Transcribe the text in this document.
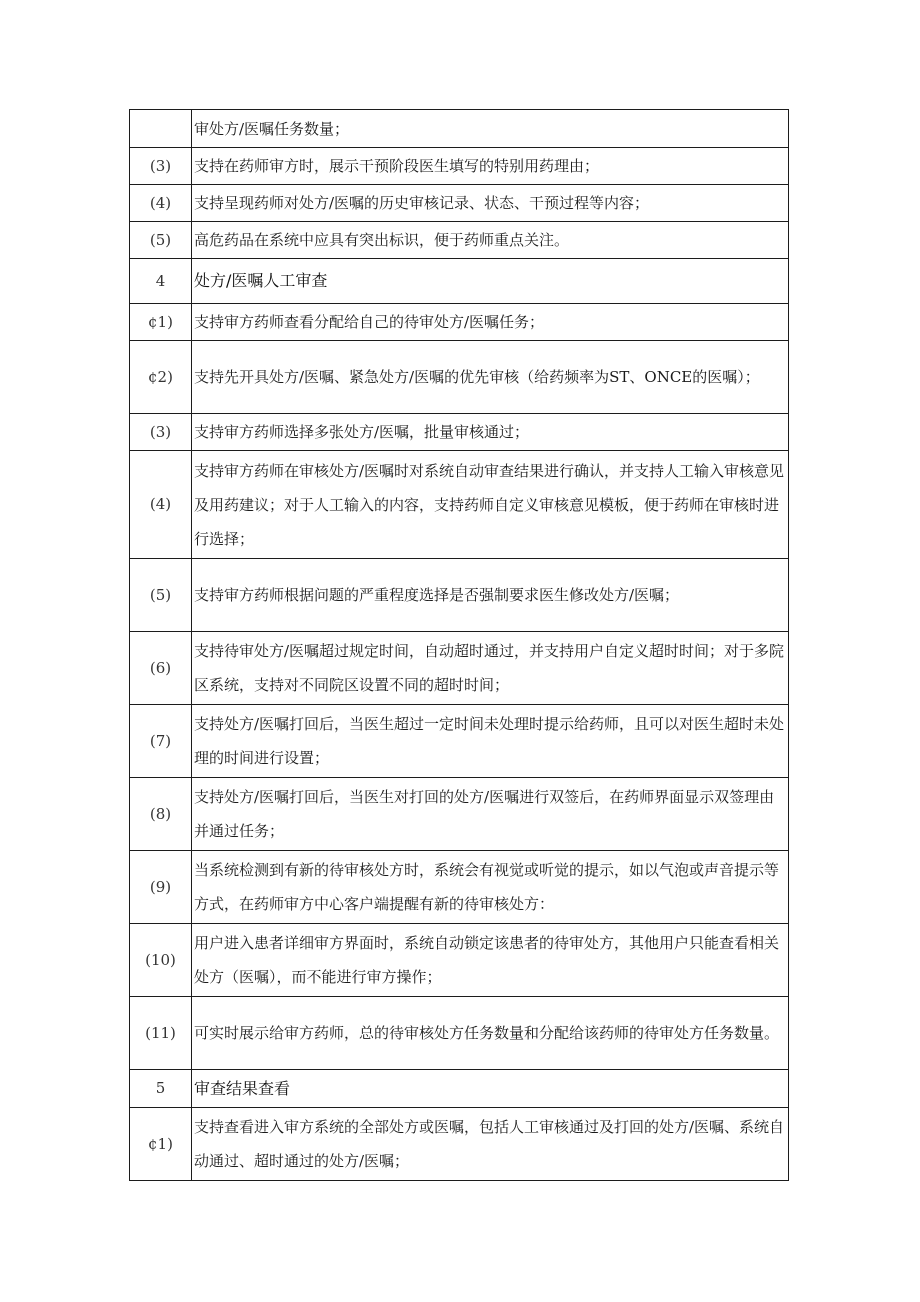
	审处方/医嘱任务数量；

(3)	支持在药师审方时，展示干预阶段医生填写的特别用药理由；

(4)	支持呈现药师对处方/医嘱的历史审核记录、状态、干预过程等内容；

(5)	高危药品在系统中应具有突出标识，便于药师重点关注。

4	处方/医嘱人工审查

¢1)	支持审方药师查看分配给自己的待审处方/医嘱任务；

¢2)	支持先开具处方/医嘱、紧急处方/医嘱的优先审核（给药频率为ST、ONCE的医嘱）；

(3)	支持审方药师选择多张处方/医嘱，批量审核通过；

(4)	支持审方药师在审核处方/医嘱时对系统自动审查结果进行确认，并支持人工输入审核意见及用药建议；对于人工输入的内容，支持药师自定义审核意见模板，便于药师在审核时进行选择；

(5)	支持审方药师根据问题的严重程度选择是否强制要求医生修改处方/医嘱；

(6)	支持待审处方/医嘱超过规定时间，自动超时通过，并支持用户自定义超时时间；对于多院区系统，支持对不同院区设置不同的超时时间；

(7)	支持处方/医嘱打回后，当医生超过一定时间未处理时提示给药师，且可以对医生超时未处理的时间进行设置；

(8)	支持处方/医嘱打回后，当医生对打回的处方/医嘱进行双签后，在药师界面显示双签理由并通过任务；

(9)	当系统检测到有新的待审核处方时，系统会有视觉或听觉的提示，如以气泡或声音提示等方式，在药师审方中心客户端提醒有新的待审核处方：

(10)	用户进入患者详细审方界面时，系统自动锁定该患者的待审处方，其他用户只能查看相关处方（医嘱），而不能进行审方操作；

(11)	可实时展示给审方药师，总的待审核处方任务数量和分配给该药师的待审处方任务数量。

5	审查结果查看

¢1)	支持查看进入审方系统的全部处方或医嘱，包括人工审核通过及打回的处方/医嘱、系统自动通过、超时通过的处方/医嘱；
